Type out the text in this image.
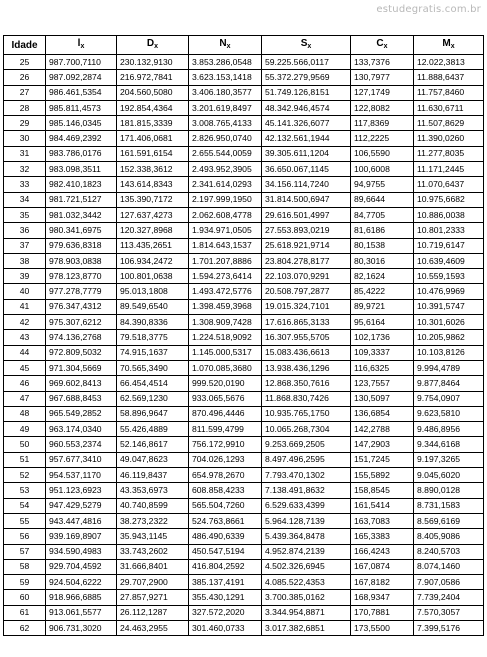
estudegratis.com.br
Idade	$l_x$	$D_x$	$N_x$	$S_x$	$C_x$	$M_x$
25	987.700,7110	230.132,9130	3.853.286,0548	59.225.566,0117	133,7376	12.022,3813
26	987.092,2874	216.972,7841	3.623.153,1418	55.372.279,9569	130,7977	11.888,6437
27	986.461,5354	204.560,5080	3.406.180,3577	51.749.126,8151	127,1749	11.757,8460
28	985.811,4573	192.854,4364	3.201.619,8497	48.342.946,4574	122,8082	11.630,6711
29	985.146,0345	181.815,3339	3.008.765,4133	45.141.326,6077	117,8369	11.507,8629
30	984.469,2392	171.406,0681	2.826.950,0740	42.132.561,1944	112,2225	11.390,0260
31	983.786,0176	161.591,6154	2.655.544,0059	39.305.611,1204	106,5590	11.277,8035
32	983.098,3511	152.338,3612	2.493.952,3905	36.650.067,1145	100,6008	11.171,2445
33	982.410,1823	143.614,8343	2.341.614,0293	34.156.114,7240	94,9755	11.070,6437
34	981.721,5127	135.390,7172	2.197.999,1950	31.814.500,6947	89,6644	10.975,6682
35	981.032,3442	127.637,4273	2.062.608,4778	29.616.501,4997	84,7705	10.886,0038
36	980.341,6975	120.327,8968	1.934.971,0505	27.553.893,0219	81,6186	10.801,2333
37	979.636,8318	113.435,2651	1.814.643,1537	25.618.921,9714	80,1538	10.719,6147
38	978.903,0838	106.934,2472	1.701.207,8886	23.804.278,8177	80,3016	10.639,4609
39	978.123,8770	100.801,0638	1.594.273,6414	22.103.070,9291	82,1624	10.559,1593
40	977.278,7779	95.013,1808	1.493.472,5776	20.508.797,2877	85,4222	10.476,9969
41	976.347,4312	89.549,6540	1.398.459,3968	19.015.324,7101	89,9721	10.391,5747
42	975.307,6212	84.390,8336	1.308.909,7428	17.616.865,3133	95,6164	10.301,6026
43	974.136,2768	79.518,3775	1.224.518,9092	16.307.955,5705	102,1736	10.205,9862
44	972.809,5032	74.915,1637	1.145.000,5317	15.083.436,6613	109,3337	10.103,8126
45	971.304,5669	70.565,3490	1.070.085,3680	13.938.436,1296	116,6325	9.994,4789
46	969.602,8413	66.454,4514	999.520,0190	12.868.350,7616	123,7557	9.877,8464
47	967.688,8453	62.569,1230	933.065,5676	11.868.830,7426	130,5097	9.754,0907
48	965.549,2852	58.896,9647	870.496,4446	10.935.765,1750	136,6854	9.623,5810
49	963.174,0340	55.426,4889	811.599,4799	10.065.268,7304	142,2788	9.486,8956
50	960.553,2374	52.146,8617	756.172,9910	9.253.669,2505	147,2903	9.344,6168
51	957.677,3410	49.047,8623	704.026,1293	8.497.496,2595	151,7245	9.197,3265
52	954.537,1170	46.119,8437	654.978,2670	7.793.470,1302	155,5892	9.045,6020
53	951.123,6923	43.353,6973	608.858,4233	7.138.491,8632	158,8545	8.890,0128
54	947.429,5279	40.740,8599	565.504,7260	6.529.633,4399	161,5414	8.731,1583
55	943.447,4816	38.273,2322	524.763,8661	5.964.128,7139	163,7083	8.569,6169
56	939.169,8907	35.943,1145	486.490,6339	5.439.364,8478	165,3383	8.405,9086
57	934.590,4983	33.743,2602	450.547,5194	4.952.874,2139	166,4243	8.240,5703
58	929.704,4592	31.666,8401	416.804,2592	4.502.326,6945	167,0874	8.074,1460
59	924.504,6222	29.707,2900	385.137,4191	4.085.522,4353	167,8182	7.907,0586
60	918.966,6885	27.857,9271	355.430,1291	3.700.385,0162	168,9347	7.739,2404
61	913.061,5577	26.112,1287	327.572,2020	3.344.954,8871	170,7881	7.570,3057
62	906.731,3020	24.463,2955	301.460,0733	3.017.382,6851	173,5500	7.399,5176
